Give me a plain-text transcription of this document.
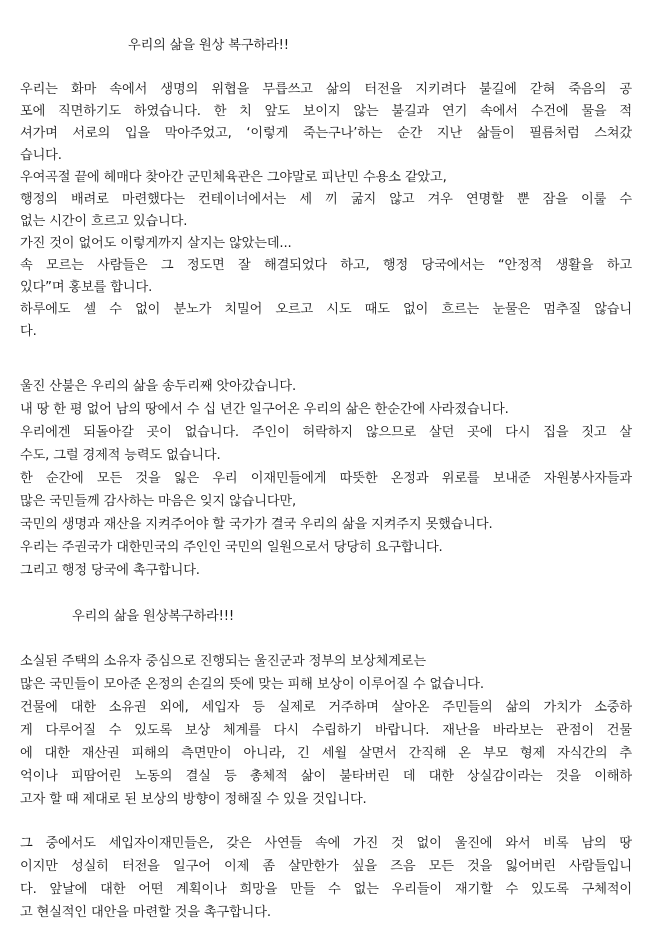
우리의 삶을 원상 복구하라!!
우리는 화마 속에서 생명의 위협을 무릅쓰고 삶의 터전을 지키려다 불길에 갇혀 죽음의 공
포에 직면하기도 하였습니다. 한 치 앞도 보이지 않는 불길과 연기 속에서 수건에 물을 적
셔가며 서로의 입을 막아주었고, ‘이렇게 죽는구나’하는 순간 지난 삶들이 필름처럼 스쳐갔
습니다.
우여곡절 끝에 헤매다 찾아간 군민체육관은 그야말로 피난민 수용소 같았고,
행정의 배려로 마련했다는 컨테이너에서는 세 끼 굶지 않고 겨우 연명할 뿐 잠을 이룰 수
없는 시간이 흐르고 있습니다.
가진 것이 없어도 이렇게까지 살지는 않았는데...
속 모르는 사람들은 그 정도면 잘 해결되었다 하고, 행정 당국에서는 “안정적 생활을 하고
있다”며 홍보를 합니다.
하루에도 셀 수 없이 분노가 치밀어 오르고 시도 때도 없이 흐르는 눈물은 멈추질 않습니
다.
울진 산불은 우리의 삶을 송두리째 앗아갔습니다.
내 땅 한 평 없어 남의 땅에서 수 십 년간 일구어온 우리의 삶은 한순간에 사라졌습니다.
우리에겐 되돌아갈 곳이 없습니다. 주인이 허락하지 않으므로 살던 곳에 다시 집을 짓고 살
수도, 그럴 경제적 능력도 없습니다.
한 순간에 모든 것을 잃은 우리 이재민들에게 따뜻한 온정과 위로를 보내준 자원봉사자들과
많은 국민들께 감사하는 마음은 잊지 않습니다만,
국민의 생명과 재산을 지켜주어야 할 국가가 결국 우리의 삶을 지켜주지 못했습니다.
우리는 주권국가 대한민국의 주인인 국민의 일원으로서 당당히 요구합니다.
그리고 행정 당국에 촉구합니다.
우리의 삶을 원상복구하라!!!
소실된 주택의 소유자 중심으로 진행되는 울진군과 정부의 보상체계로는
많은 국민들이 모아준 온정의 손길의 뜻에 맞는 피해 보상이 이루어질 수 없습니다.
건물에 대한 소유권 외에, 세입자 등 실제로 거주하며 살아온 주민들의 삶의 가치가 소중하
게 다루어질 수 있도록 보상 체계를 다시 수립하기 바랍니다. 재난을 바라보는 관점이 건물
에 대한 재산권 피해의 측면만이 아니라, 긴 세월 살면서 간직해 온 부모 형제 자식간의 추
억이나 피땀어린 노동의 결실 등 총체적 삶이 불타버린 데 대한 상실감이라는 것을 이해하
고자 할 때 제대로 된 보상의 방향이 정해질 수 있을 것입니다.
그 중에서도 세입자이재민들은, 갖은 사연들 속에 가진 것 없이 울진에 와서 비록 남의 땅
이지만 성실히 터전을 일구어 이제 좀 살만한가 싶을 즈음 모든 것을 잃어버린 사람들입니
다. 앞날에 대한 어떤 계획이나 희망을 만들 수 없는 우리들이 재기할 수 있도록 구체적이
고 현실적인 대안을 마련할 것을 촉구합니다.
